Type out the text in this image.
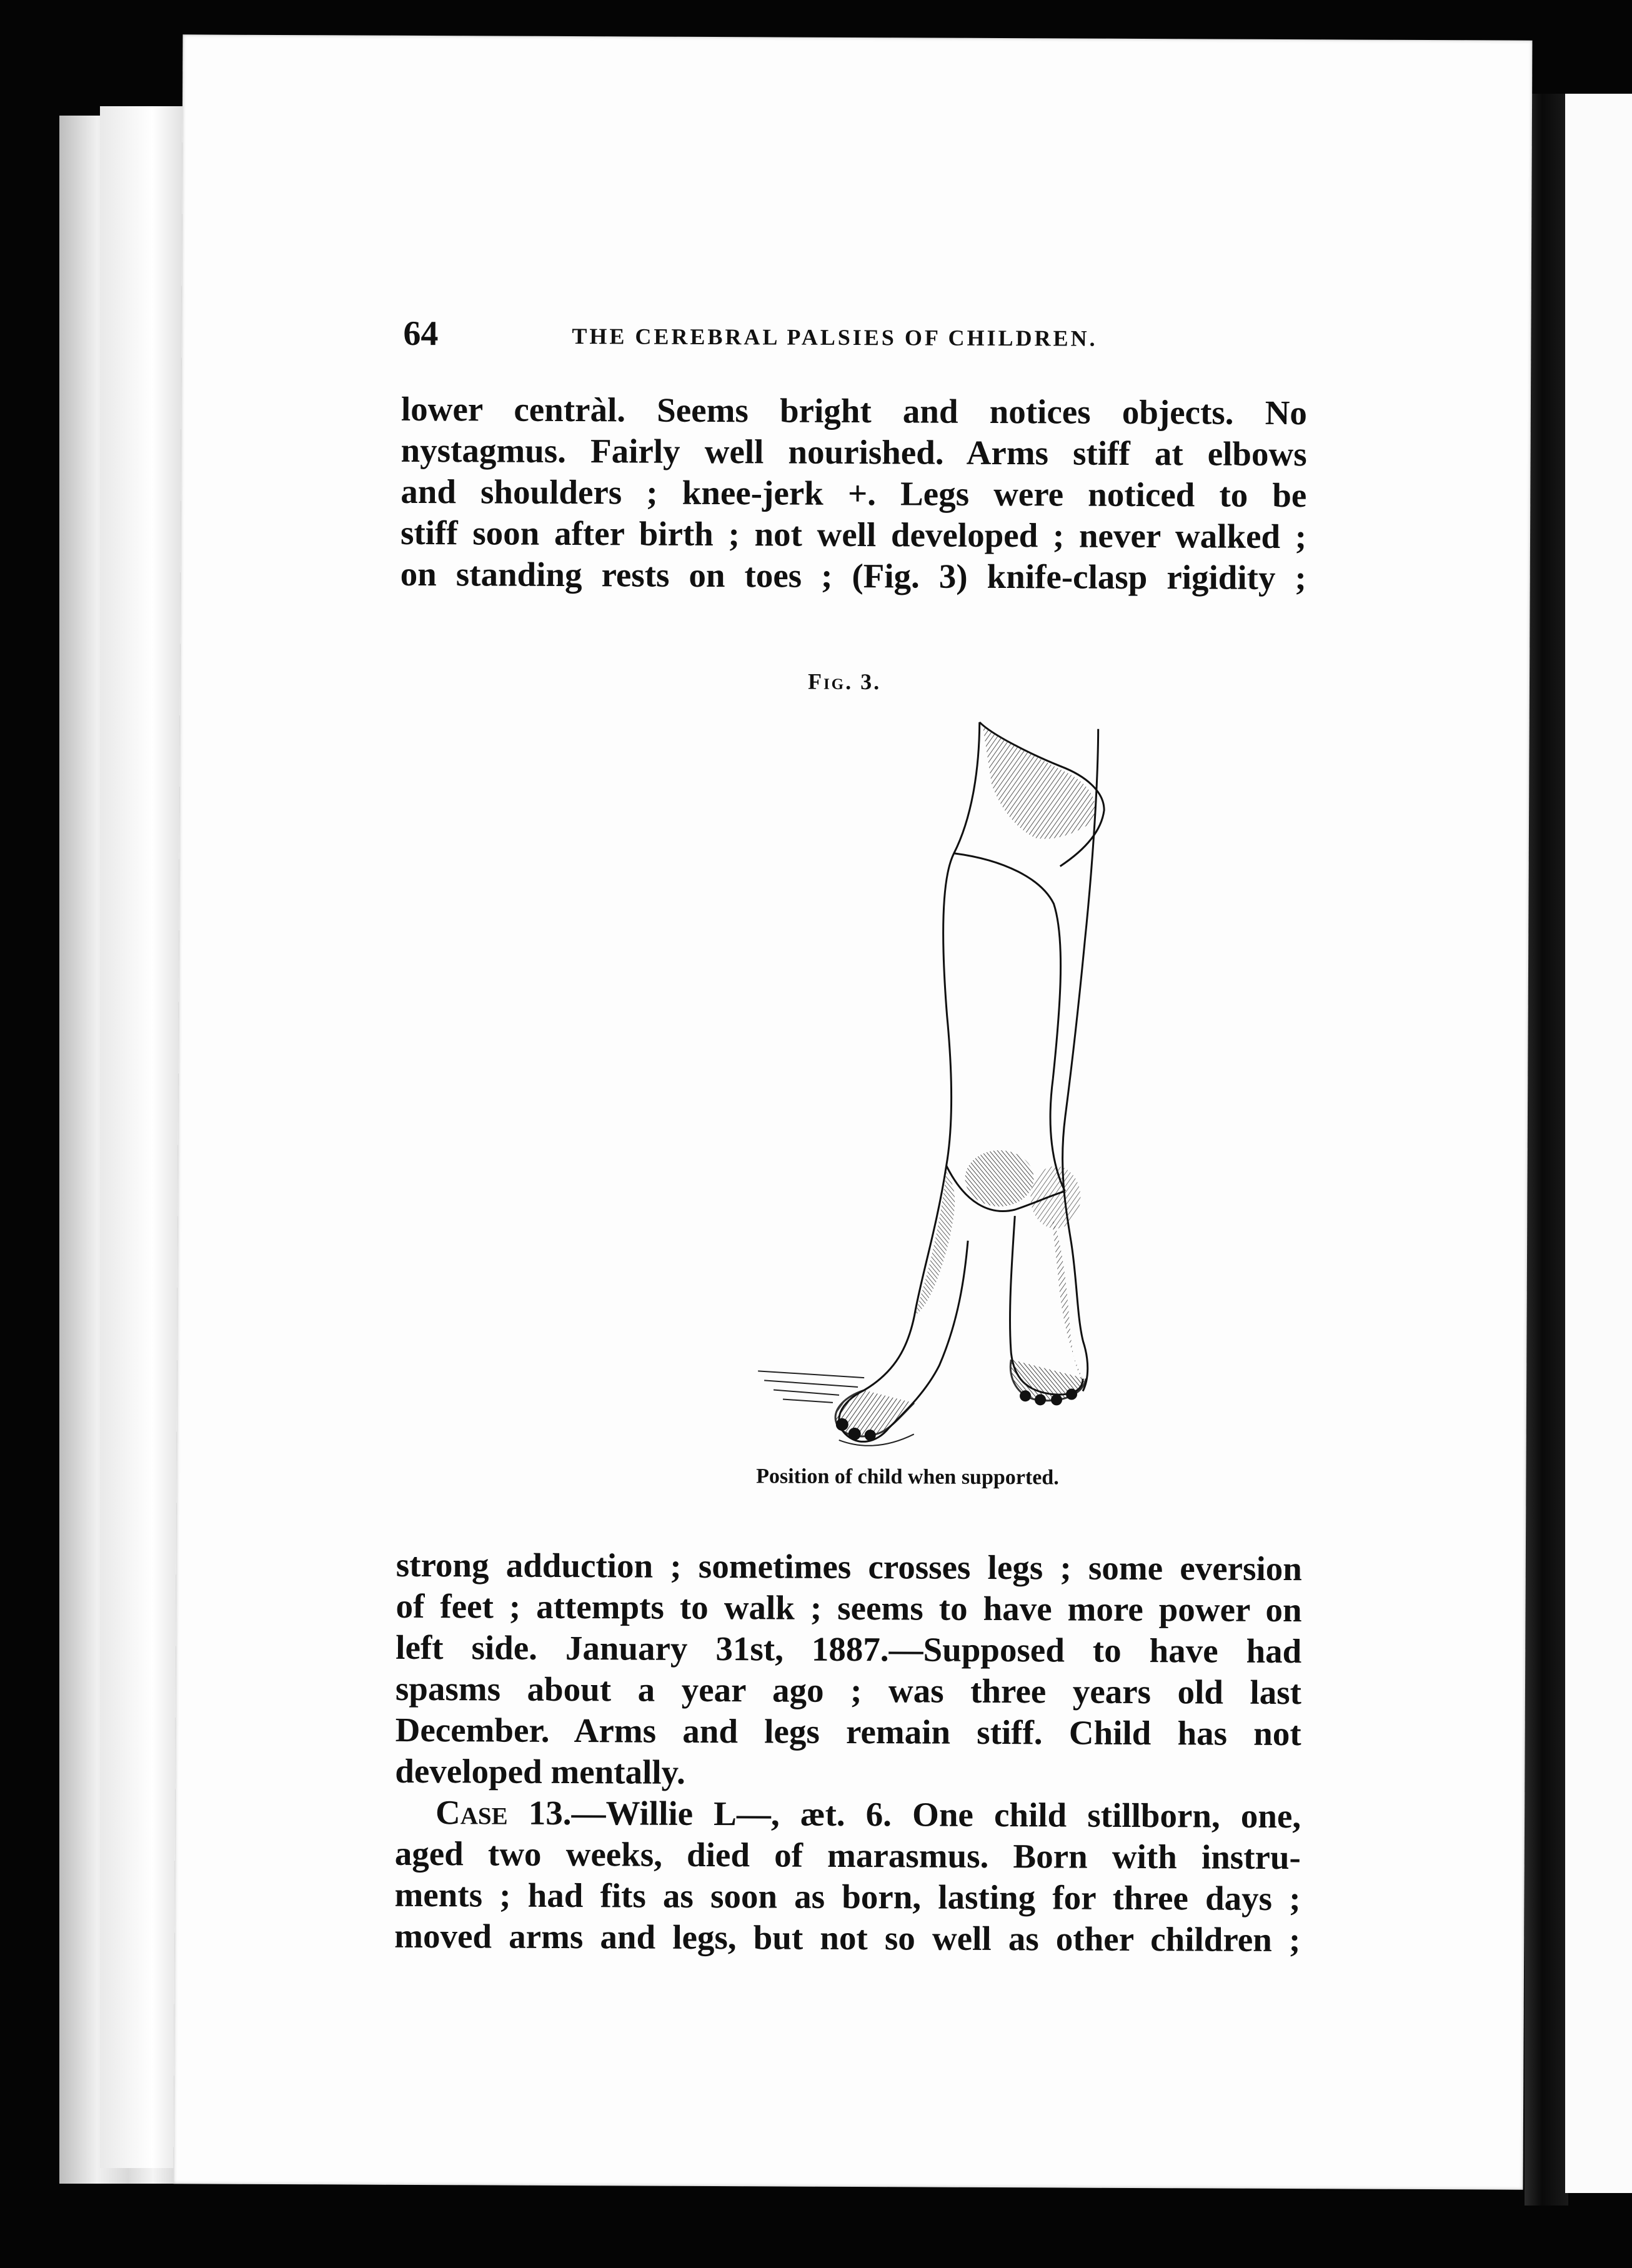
64	THE CEREBRAL PALSIES OF CHILDREN.

lower centràl. Seems bright and notices objects. No

nystagmus. Fairly well nourished. Arms stiff at elbows

and shoulders ; knee-jerk +. Legs were noticed to be

stiff soon after birth ; not well developed ; never walked ;

on standing rests on toes ; (Fig. 3) knife-clasp rigidity ;

Fig. 3.
Position of child when supported.

strong adduction ; sometimes crosses legs ; some eversion

of feet ; attempts to walk ; seems to have more power on

left side. January 31st, 1887.—Supposed to have had

spasms about a year ago ; was three years old last

December. Arms and legs remain stiff. Child has not

developed mentally.

Case 13.—Willie L—, æt. 6. One child stillborn, one,

aged two weeks, died of marasmus. Born with instru-

ments ; had fits as soon as born, lasting for three days ;

moved arms and legs, but not so well as other children ;
